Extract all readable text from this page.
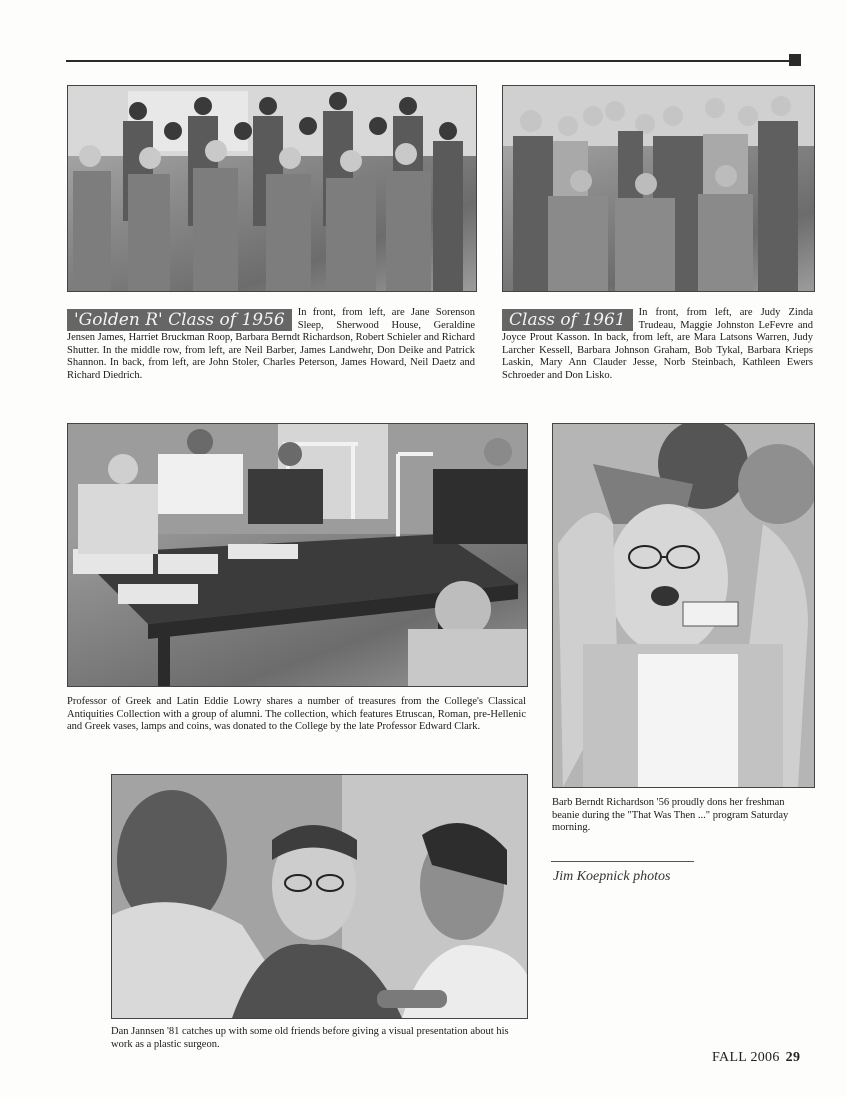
'Golden R' Class of 1956	In front, from left, are Jane Sorenson Sleep, Sherwood House, Geraldine Jensen James, Harriet Bruckman Roop, Barbara Berndt Richardson, Robert Schieler and Richard Shutter. In the middle row, from left, are Neil Barber, James Landwehr, Don Deike and Patrick Shannon. In back, from left, are John Stoler, Charles Peterson, James Howard, Neil Daetz and Richard Diedrich.
Class of 1961	In front, from left, are Judy Zinda Trudeau, Maggie Johnston LeFevre and Joyce Prout Kasson. In back, from left, are Mara Latsons Warren, Judy Larcher Kessell, Barbara Johnson Graham, Bob Tykal, Barbara Krieps Laskin, Mary Ann Clauder Jesse, Norb Steinbach, Kathleen Ewers Schroeder and Don Lisko.
Professor of Greek and Latin Eddie Lowry shares a number of treasures from the College's Classical Antiquities Collection with a group of alumni. The collection, which features Etruscan, Roman, pre-Hellenic and Greek vases, lamps and coins, was donated to the College by the late Professor Edward Clark.
Barb Berndt Richardson '56 proudly dons her freshman beanie during the "That Was Then ..." program Saturday morning.
Jim Koepnick photos
Dan Jannsen '81 catches up with some old friends before giving a visual presentation about his work as a plastic surgeon.
FALL 2006 29
